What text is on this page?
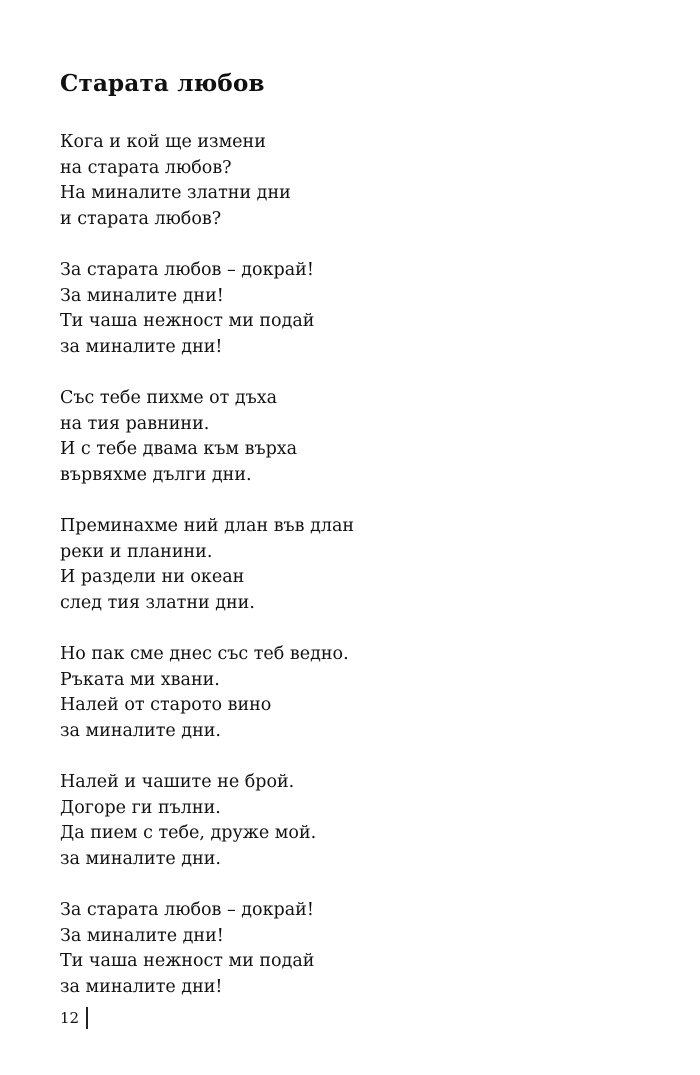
Старата любов
Кога и кой ще измени
на старата любов?
На миналите златни дни
и старата любов?
За старата любов – докрай!
За миналите дни!
Ти чаша нежност ми подай
за миналите дни!
Със тебе пихме от дъха
на тия равнини.
И с тебе двама към върха
вървяхме дълги дни.
Преминахме ний длан във длан
реки и планини.
И раздели ни океан
след тия златни дни.
Но пак сме днес със теб ведно.
Ръката ми хвани.
Налей от старото вино
за миналите дни.
Налей и чашите не брой.
Догоре ги пълни.
Да пием с тебе, друже мой.
за миналите дни.
За старата любов – докрай!
За миналите дни!
Ти чаша нежност ми подай
за миналите дни!
12
